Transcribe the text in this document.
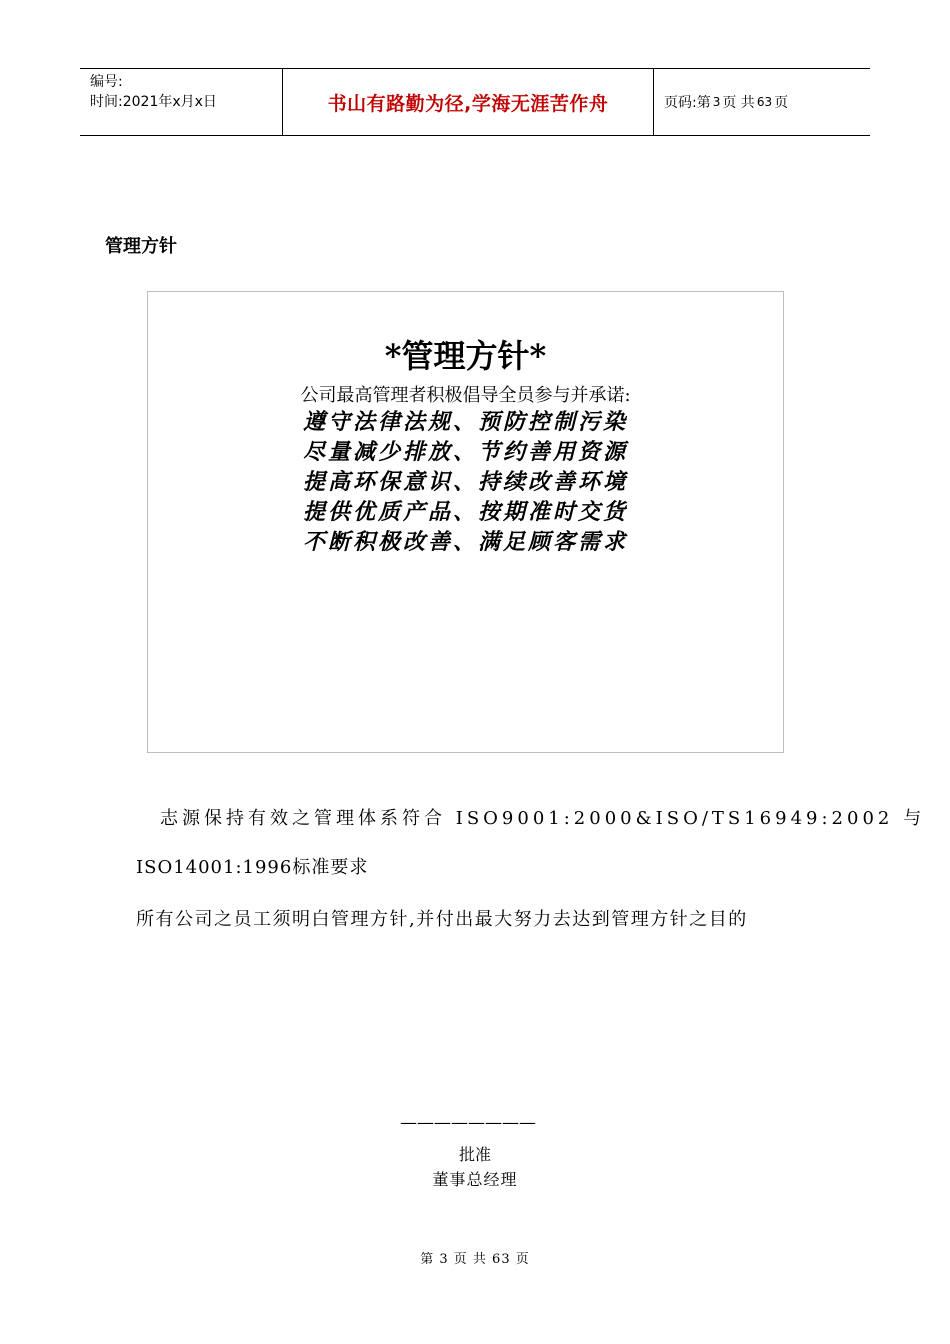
编号:
时间:2021年x月x日	书山有路勤为径,学海无涯苦作舟	页码:第 3 页 共 63 页
管理方针
*管理方针*
公司最高管理者积极倡导全员参与并承诺:
遵守法律法规、预防控制污染
尽量减少排放、节约善用资源
提高环保意识、持续改善环境
提供优质产品、按期准时交货
不断积极改善、满足顾客需求
志源保持有效之管理体系符合 ISO9001:2000&ISO/TS16949:2002 与
ISO14001:1996标准要求
所有公司之员工须明白管理方针,并付出最大努力去达到管理方针之目的
————————
批准
董事总经理
第 3 页 共 63 页
